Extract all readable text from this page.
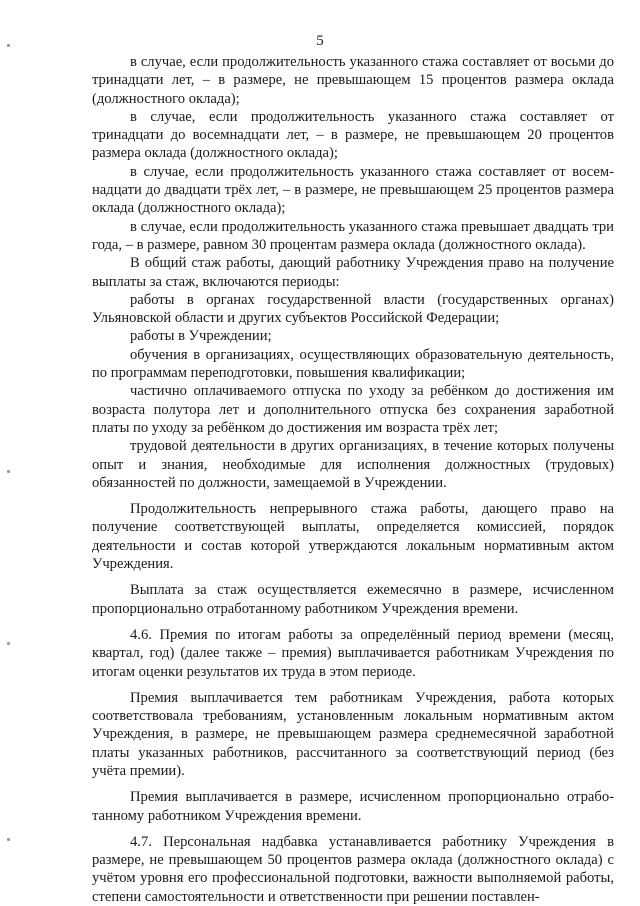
5

в случае, если продолжительность указанного стажа составляет от восьми до тринадцати лет, – в размере, не превышающем 15 процентов размера оклада (должностного оклада);

в случае, если продолжительность указанного стажа составляет от тринадцати до восемнадцати лет, – в размере, не превышающем 20 процентов размера оклада (должностного оклада);

в случае, если продолжительность указанного стажа составляет от восемнадцати до двадцати трёх лет, – в размере, не превышающем 25 процентов размера оклада (должностного оклада);

в случае, если продолжительность указанного стажа превышает двадцать три года, – в размере, равном 30 процентам размера оклада (должностного оклада).

В общий стаж работы, дающий работнику Учреждения право на получение выплаты за стаж, включаются периоды:

работы в органах государственной власти (государственных органах) Ульяновской области и других субъектов Российской Федерации;

работы в Учреждении;

обучения в организациях, осуществляющих образовательную деятельность, по программам переподготовки, повышения квалификации;

частично оплачиваемого отпуска по уходу за ребёнком до достижения им возраста полутора лет и дополнительного отпуска без сохранения заработной платы по уходу за ребёнком до достижения им возраста трёх лет;

трудовой деятельности в других организациях, в течение которых получены опыт и знания, необходимые для исполнения должностных (трудовых) обязанностей по должности, замещаемой в Учреждении.

Продолжительность непрерывного стажа работы, дающего право на получение соответствующей выплаты, определяется комиссией, порядок деятельности и состав которой утверждаются локальным нормативным актом Учреждения.

Выплата за стаж осуществляется ежемесячно в размере, исчисленном пропорционально отработанному работником Учреждения времени.

4.6. Премия по итогам работы за определённый период времени (месяц, квартал, год) (далее также – премия) выплачивается работникам Учреждения по итогам оценки результатов их труда в этом периоде.

Премия выплачивается тем работникам Учреждения, работа которых соответствовала требованиям, установленным локальным нормативным актом Учреждения, в размере, не превышающем размера среднемесячной заработной платы указанных работников, рассчитанного за соответствующий период (без учёта премии).

Премия выплачивается в размере, исчисленном пропорционально отработанному работником Учреждения времени.

4.7. Персональная надбавка устанавливается работнику Учреждения в размере, не превышающем 50 процентов размера оклада (должностного оклада) с учётом уровня его профессиональной подготовки, важности выполняемой работы, степени самостоятельности и ответственности при решении поставлен-
